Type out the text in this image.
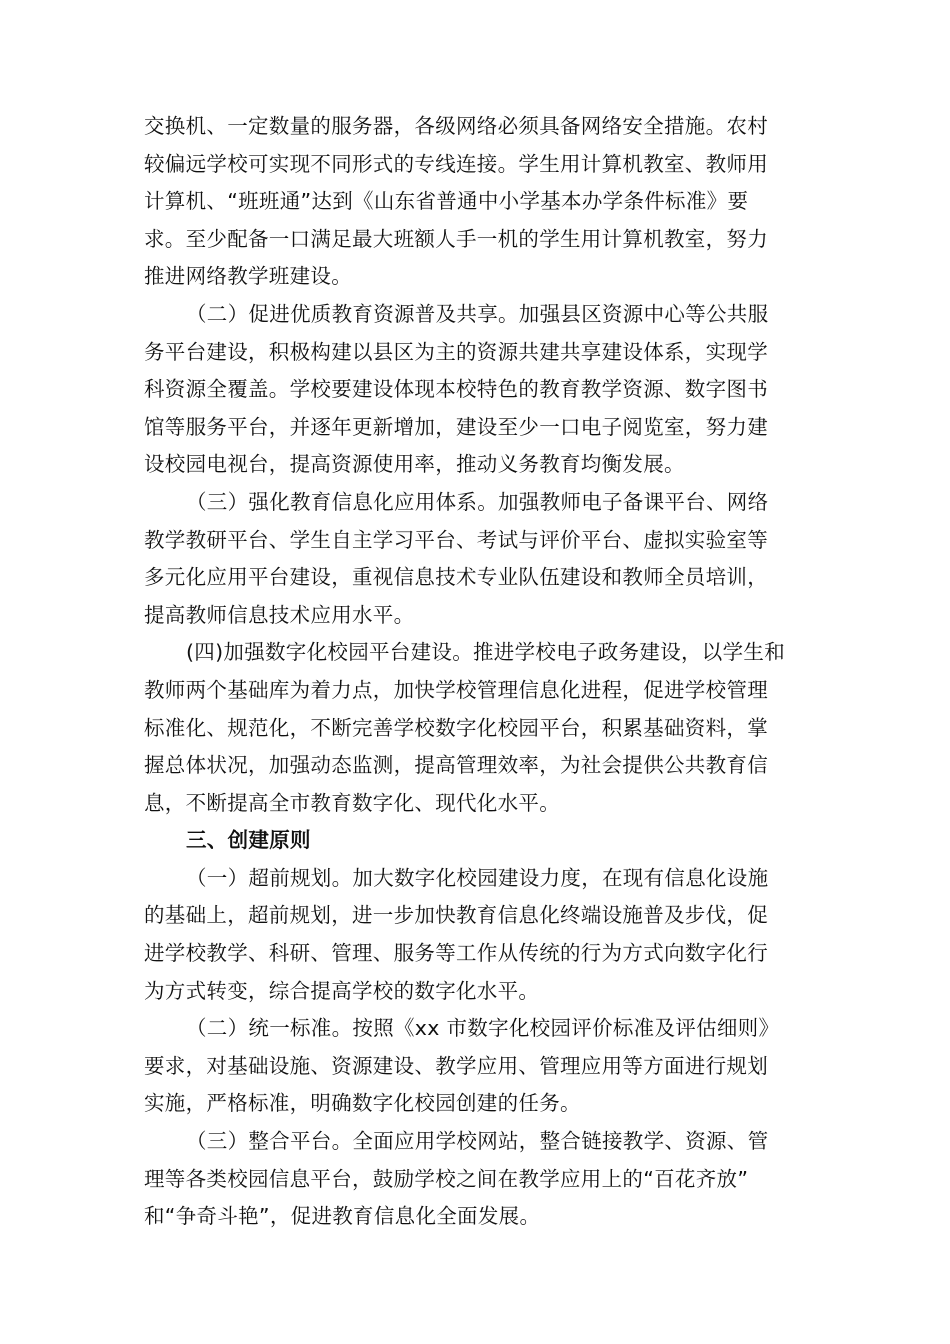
交换机、一定数量的服务器，各级网络必须具备网络安全措施。农村
较偏远学校可实现不同形式的专线连接。学生用计算机教室、教师用
计算机、“班班通”达到《山东省普通中小学基本办学条件标准》要
求。至少配备一口满足最大班额人手一机的学生用计算机教室，努力
推进网络教学班建设。

（二）促进优质教育资源普及共享。加强县区资源中心等公共服
务平台建设，积极构建以县区为主的资源共建共享建设体系，实现学
科资源全覆盖。学校要建设体现本校特色的教育教学资源、数字图书
馆等服务平台，并逐年更新增加，建设至少一口电子阅览室，努力建
设校园电视台，提高资源使用率，推动义务教育均衡发展。

（三）强化教育信息化应用体系。加强教师电子备课平台、网络
教学教研平台、学生自主学习平台、考试与评价平台、虚拟实验室等
多元化应用平台建设，重视信息技术专业队伍建设和教师全员培训，
提高教师信息技术应用水平。

(四)加强数字化校园平台建设。推进学校电子政务建设，以学生和
教师两个基础库为着力点，加快学校管理信息化进程，促进学校管理
标准化、规范化，不断完善学校数字化校园平台，积累基础资料，掌
握总体状况，加强动态监测，提高管理效率，为社会提供公共教育信
息，不断提高全市教育数字化、现代化水平。

三、创建原则

（一）超前规划。加大数字化校园建设力度，在现有信息化设施
的基础上，超前规划，进一步加快教育信息化终端设施普及步伐，促
进学校教学、科研、管理、服务等工作从传统的行为方式向数字化行
为方式转变，综合提高学校的数字化水平。

（二）统一标准。按照《xx 市数字化校园评价标准及评估细则》
要求，对基础设施、资源建设、教学应用、管理应用等方面进行规划
实施，严格标准，明确数字化校园创建的任务。

（三）整合平台。全面应用学校网站，整合链接教学、资源、管
理等各类校园信息平台，鼓励学校之间在教学应用上的“百花齐放”
和“争奇斗艳”，促进教育信息化全面发展。
